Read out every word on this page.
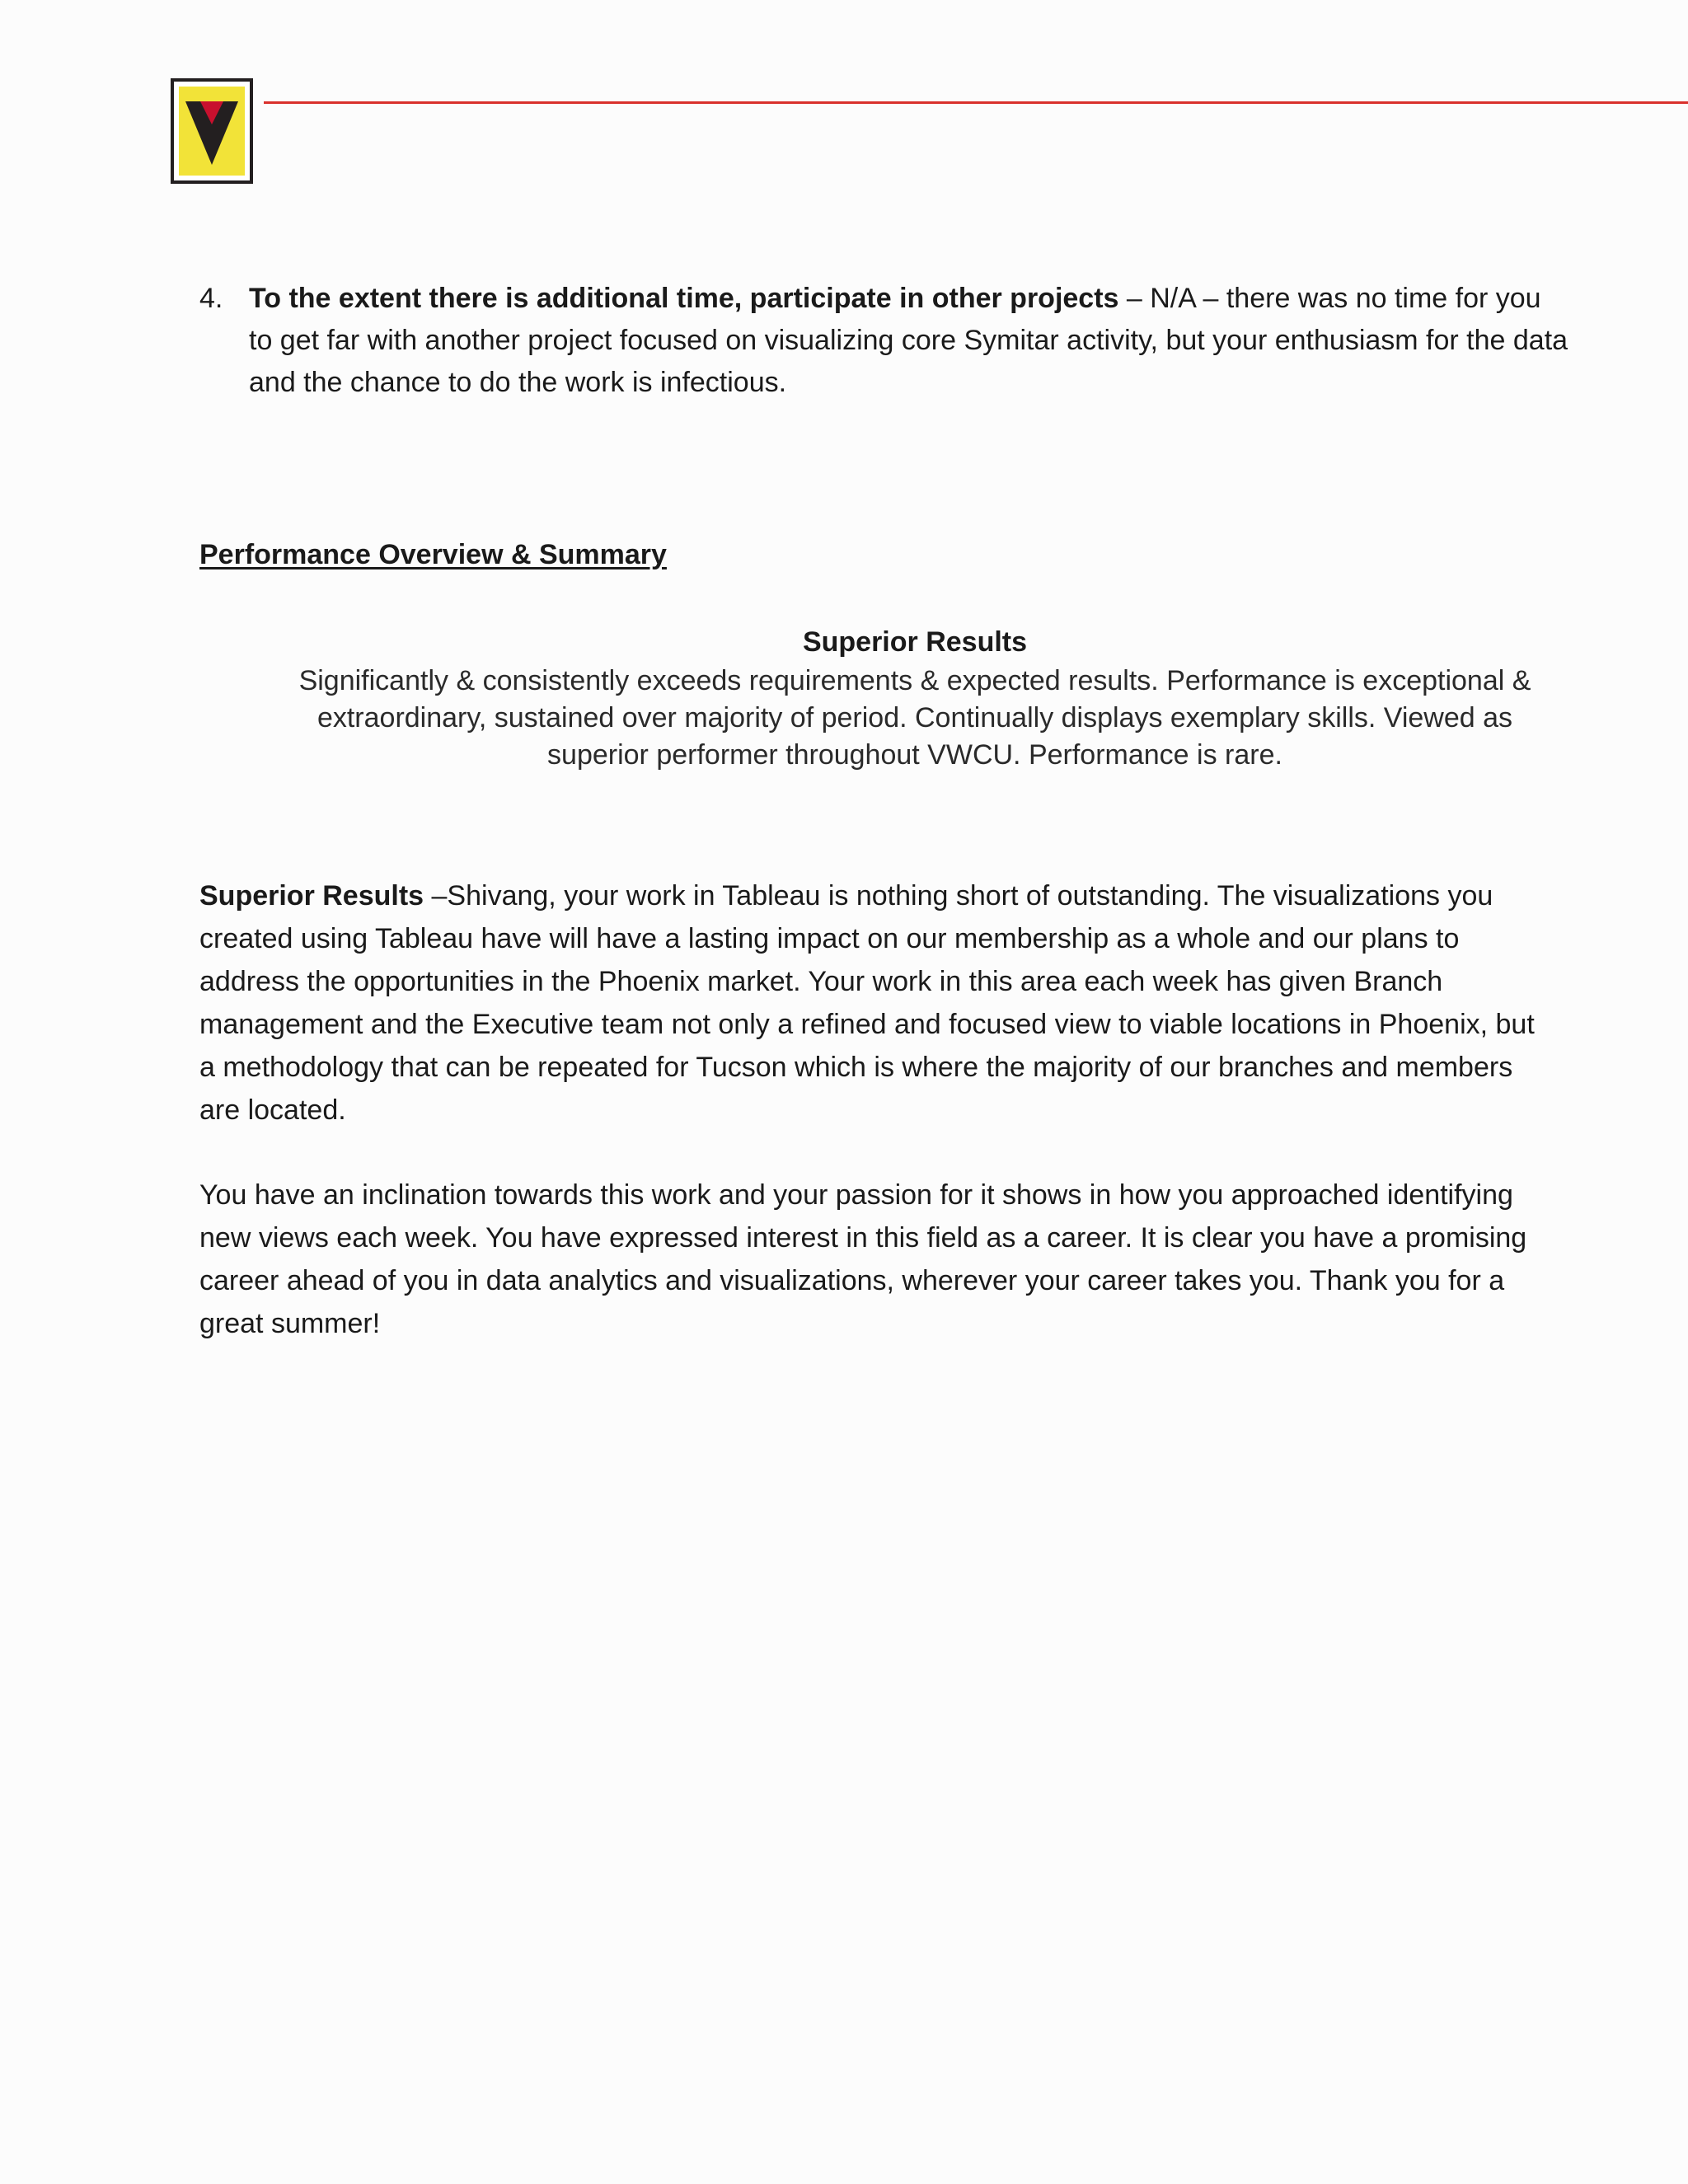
4. To the extent there is additional time, participate in other projects – N/A – there was no time for you to get far with another project focused on visualizing core Symitar activity, but your enthusiasm for the data and the chance to do the work is infectious.
Performance Overview & Summary
Superior Results
Significantly & consistently exceeds requirements & expected results. Performance is exceptional & extraordinary, sustained over majority of period. Continually displays exemplary skills. Viewed as superior performer throughout VWCU. Performance is rare.
Superior Results –Shivang, your work in Tableau is nothing short of outstanding. The visualizations you created using Tableau have will have a lasting impact on our membership as a whole and our plans to address the opportunities in the Phoenix market. Your work in this area each week has given Branch management and the Executive team not only a refined and focused view to viable locations in Phoenix, but a methodology that can be repeated for Tucson which is where the majority of our branches and members are located.
You have an inclination towards this work and your passion for it shows in how you approached identifying new views each week. You have expressed interest in this field as a career. It is clear you have a promising career ahead of you in data analytics and visualizations, wherever your career takes you. Thank you for a great summer!
